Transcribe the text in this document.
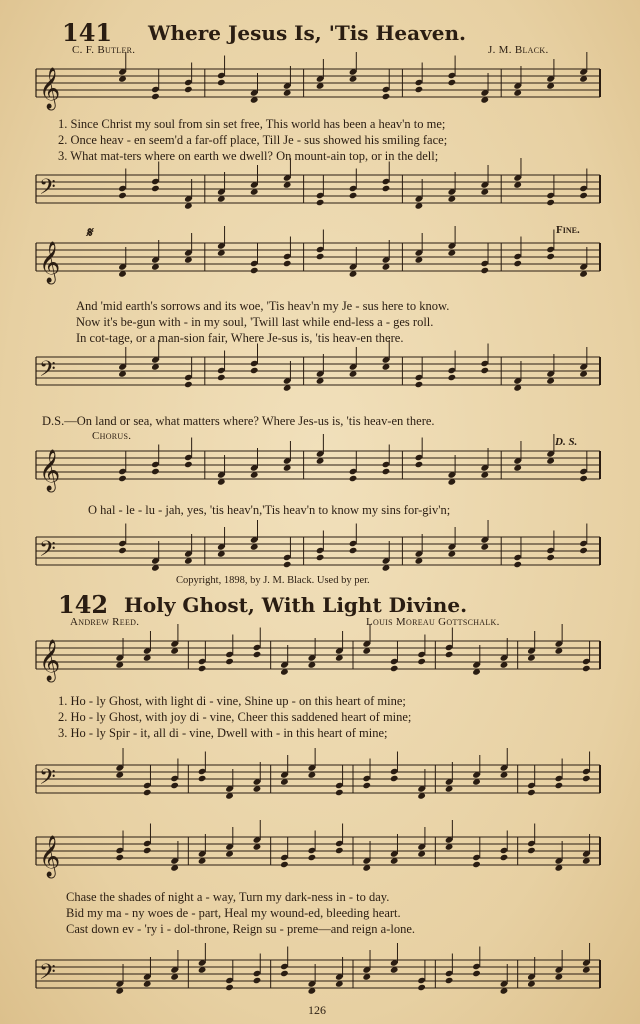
𝄞
𝄢
𝄞
𝄢
𝄞
𝄢
𝄞
𝄢
𝄞
𝄢
141 Where Jesus Is, 'Tis Heaven.
C. F. Butler.	J. M. Black.
1. Since Christ my soul from sin set free, This world has been a heav'n to me;
2. Once heav - en seem'd a far-off place, Till Je - sus showed his smiling face;
3. What mat-ters where on earth we dwell? On mount-ain top, or in the dell;
𝄋	Fine.
And 'mid earth's sorrows and its woe, 'Tis heav'n my Je - sus here to know.
Now it's be-gun with - in my soul, 'Twill last while end-less a - ges roll.
In cot-tage, or a man-sion fair, Where Je-sus is, 'tis heav-en there.
D.S.—On land or sea, what matters where? Where Jes-us is, 'tis heav-en there.
Chorus.	D. S.
O hal - le - lu - jah, yes, 'tis heav'n,'Tis heav'n to know my sins for-giv'n;
Copyright, 1898, by J. M. Black. Used by per.
142 Holy Ghost, With Light Divine.
Andrew Reed.	Louis Moreau Gottschalk.
1. Ho - ly Ghost, with light di - vine, Shine up - on this heart of mine;
2. Ho - ly Ghost, with joy di - vine, Cheer this saddened heart of mine;
3. Ho - ly Spir - it, all di - vine, Dwell with - in this heart of mine;
Chase the shades of night a - way, Turn my dark-ness in - to day.
Bid my ma - ny woes de - part, Heal my wound-ed, bleeding heart.
Cast down ev - 'ry i - dol-throne, Reign su - preme—and reign a-lone.
126
